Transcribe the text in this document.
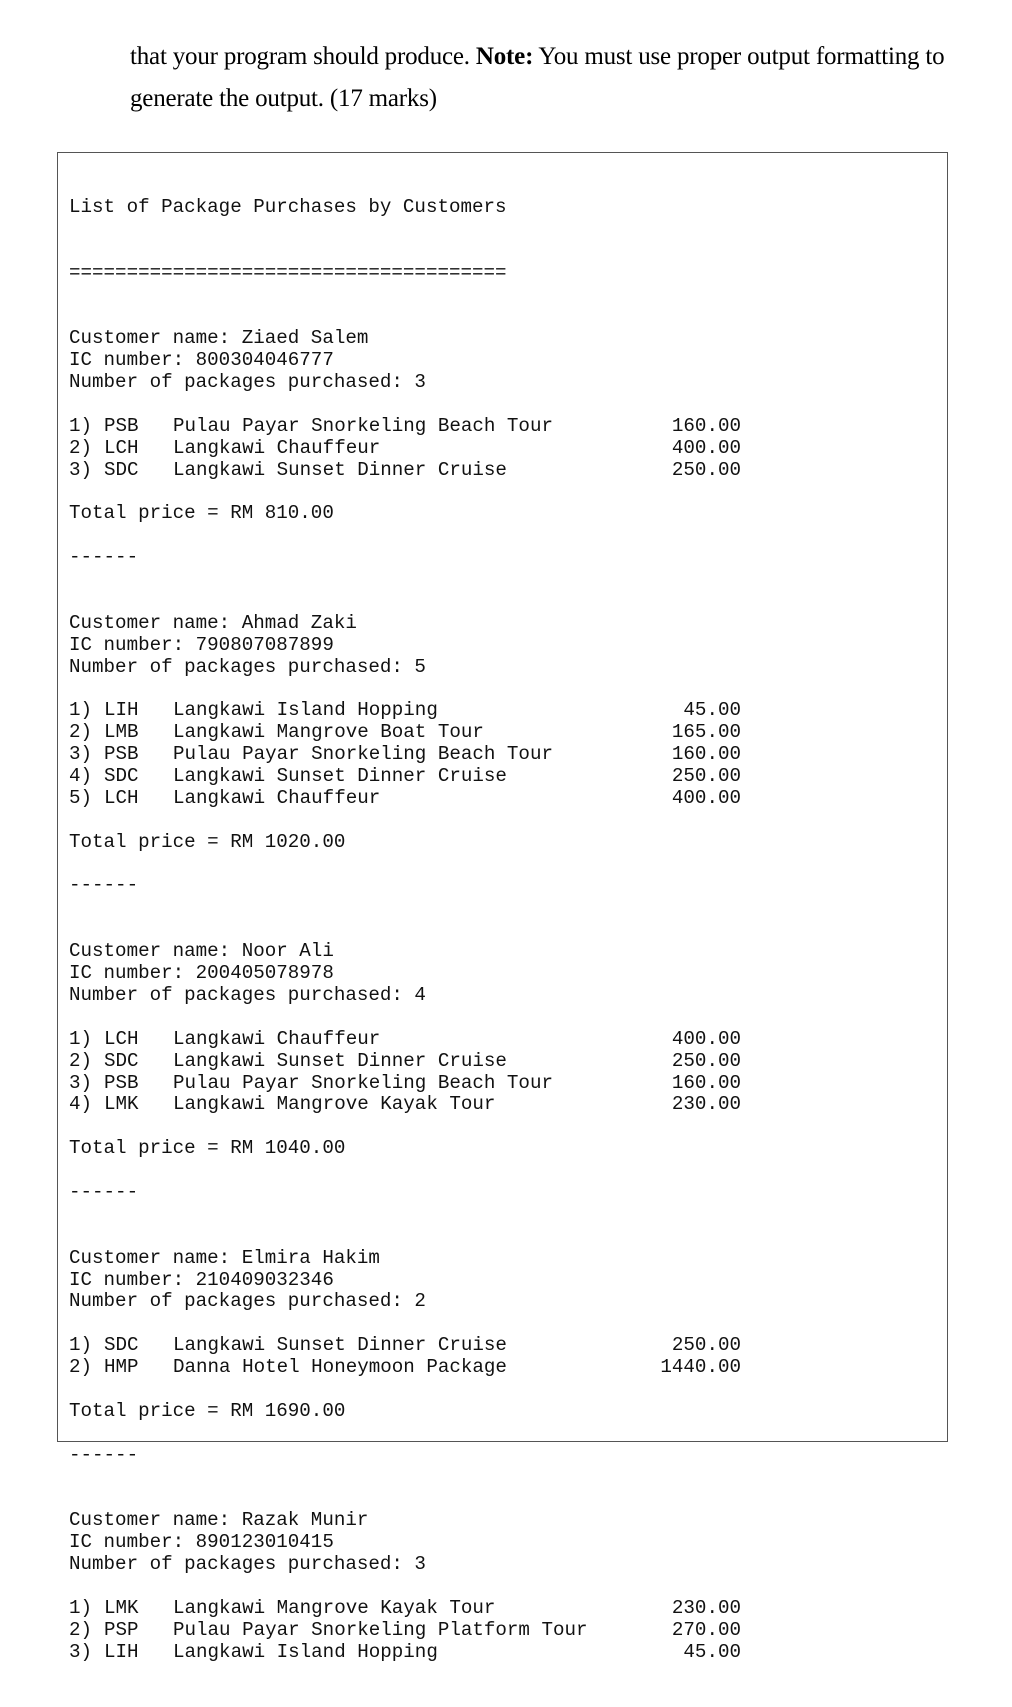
that your program should produce. Note: You must use proper output formatting to
generate the output. (17 marks)

List of Package Purchases by Customers

======================================

Customer name: Ziaed Salem
IC number: 800304046777
Number of packages purchased: 3
1) PSB Pulau Payar Snorkeling Beach Tour	160.00
2) LCH Langkawi Chauffeur	400.00
3) SDC Langkawi Sunset Dinner Cruise	250.00
Total price = RM 810.00
------
Customer name: Ahmad Zaki
IC number: 790807087899
Number of packages purchased: 5
1) LIH Langkawi Island Hopping	45.00
2) LMB Langkawi Mangrove Boat Tour	165.00
3) PSB Pulau Payar Snorkeling Beach Tour	160.00
4) SDC Langkawi Sunset Dinner Cruise	250.00
5) LCH Langkawi Chauffeur	400.00
Total price = RM 1020.00
------
Customer name: Noor Ali
IC number: 200405078978
Number of packages purchased: 4
1) LCH Langkawi Chauffeur	400.00
2) SDC Langkawi Sunset Dinner Cruise	250.00
3) PSB Pulau Payar Snorkeling Beach Tour	160.00
4) LMK Langkawi Mangrove Kayak Tour	230.00
Total price = RM 1040.00
------
Customer name: Elmira Hakim
IC number: 210409032346
Number of packages purchased: 2
1) SDC Langkawi Sunset Dinner Cruise	250.00
2) HMP Danna Hotel Honeymoon Package	1440.00
Total price = RM 1690.00
------
Customer name: Razak Munir
IC number: 890123010415
Number of packages purchased: 3
1) LMK Langkawi Mangrove Kayak Tour	230.00
2) PSP Pulau Payar Snorkeling Platform Tour	270.00
3) LIH Langkawi Island Hopping	45.00
